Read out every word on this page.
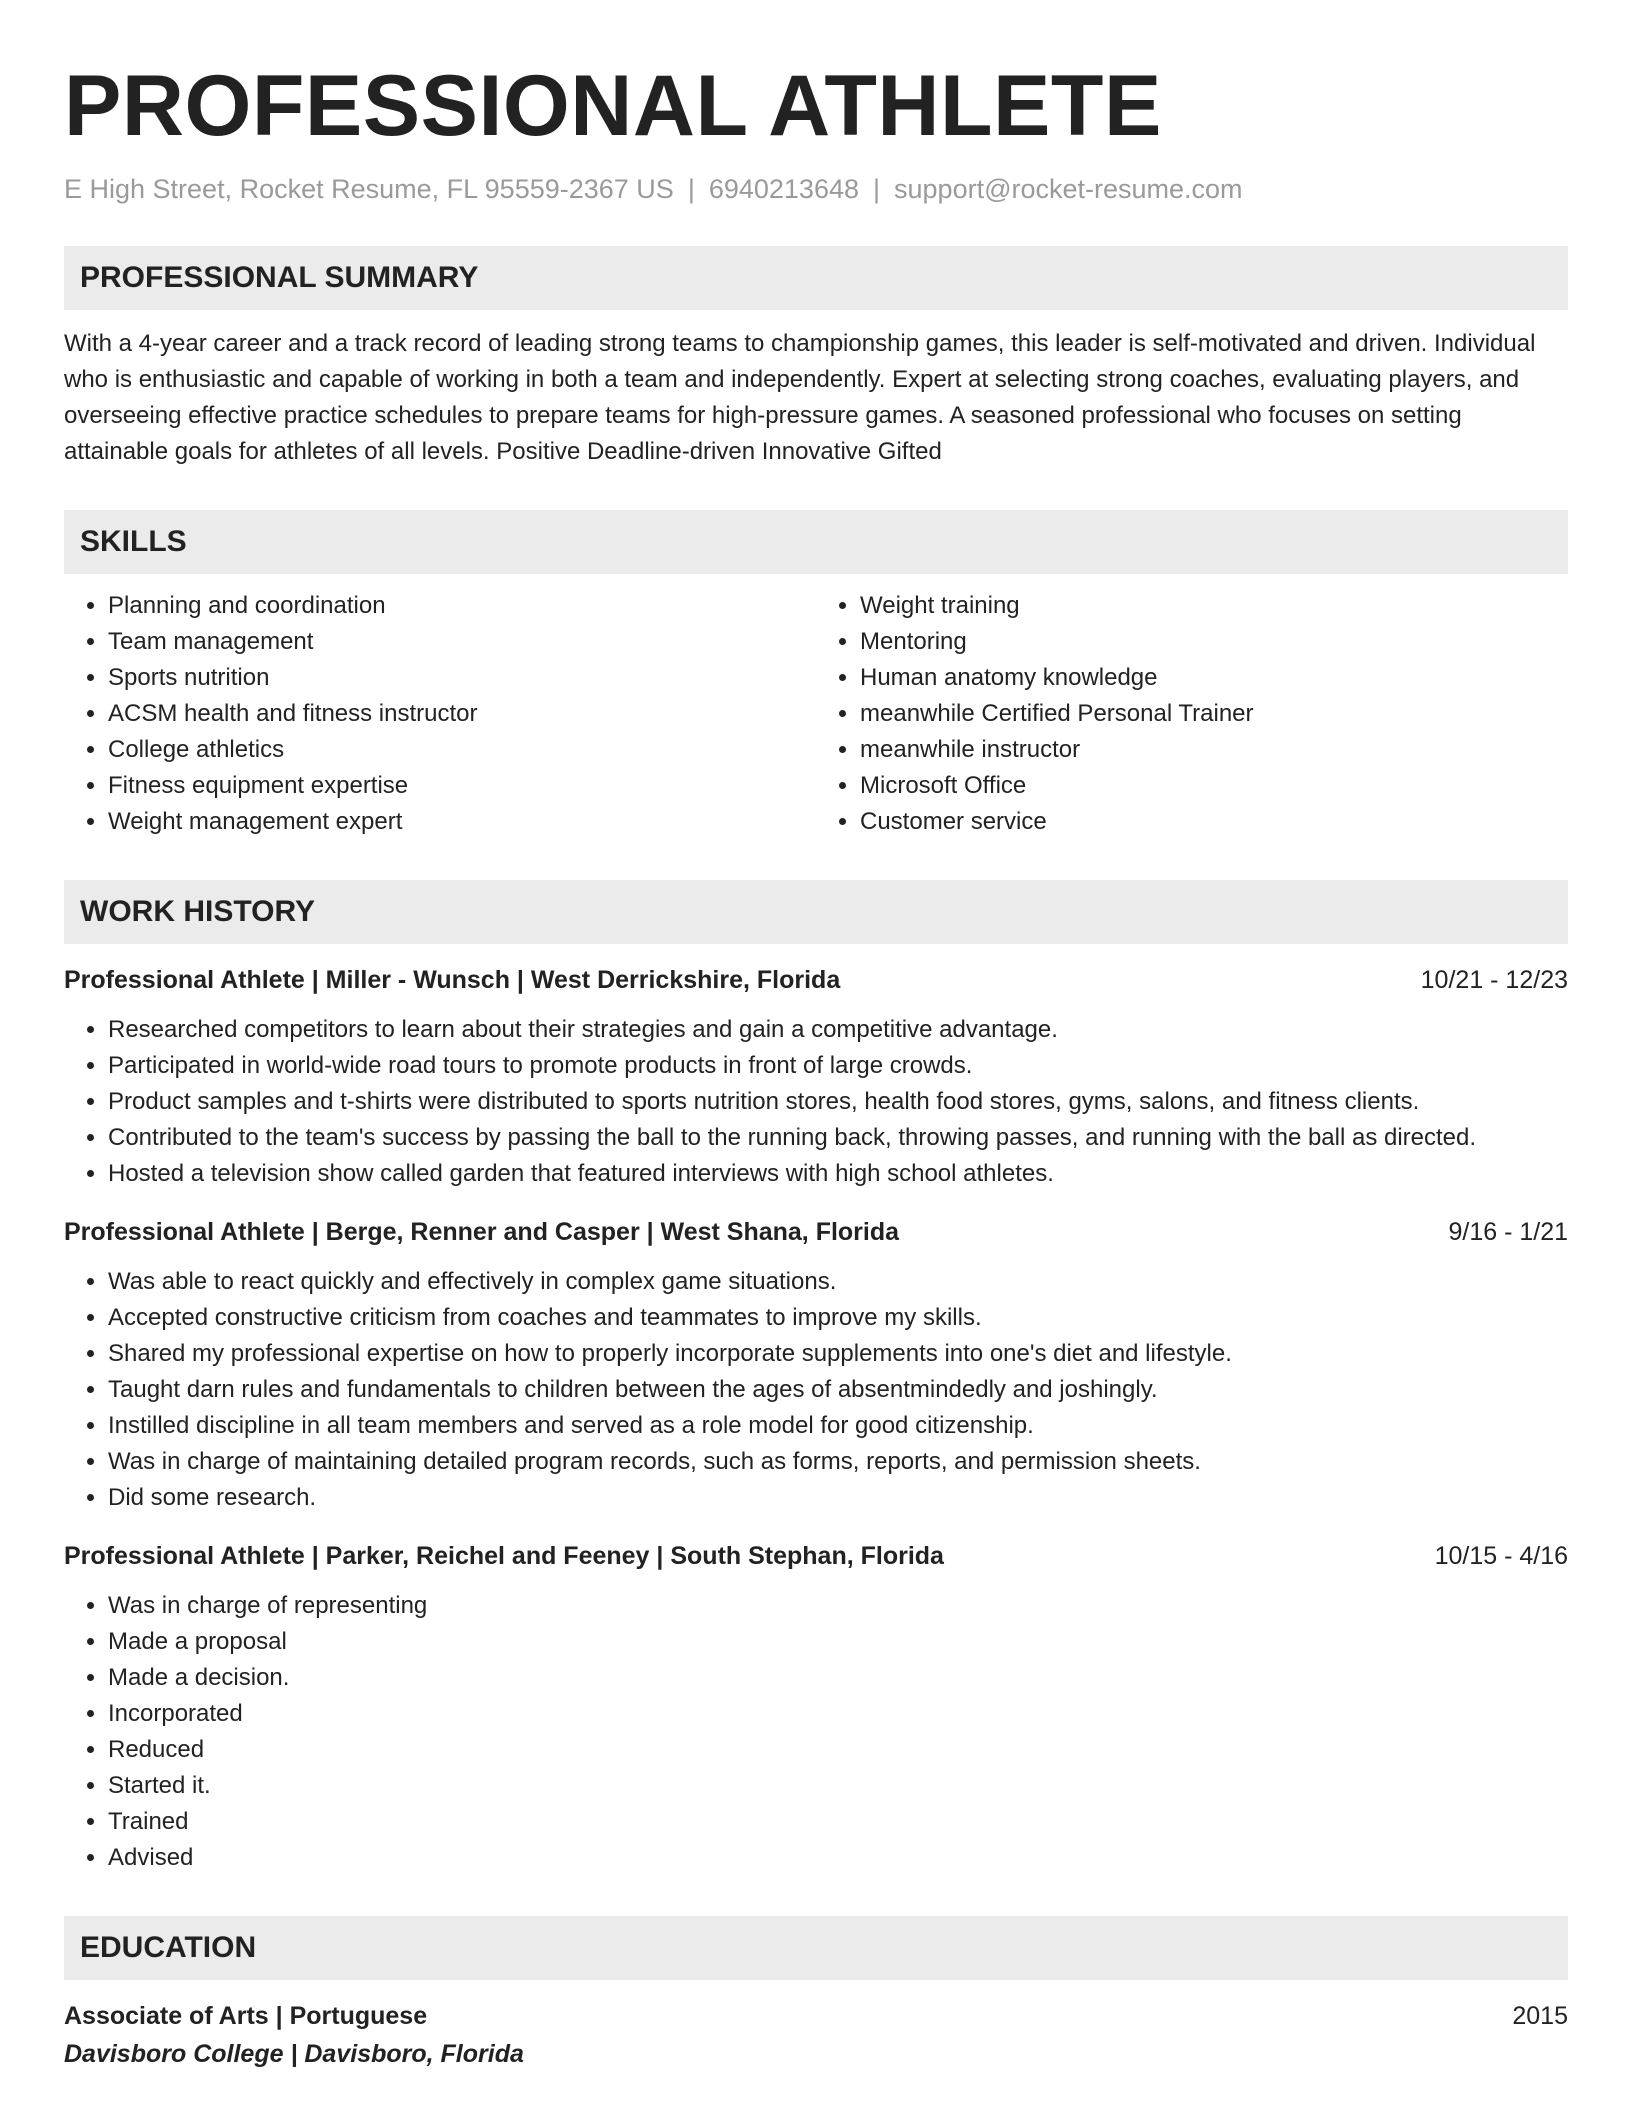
PROFESSIONAL ATHLETE
E High Street, Rocket Resume, FL 95559-2367 US | 6940213648 | support@rocket-resume.com
PROFESSIONAL SUMMARY
With a 4-year career and a track record of leading strong teams to championship games, this leader is self-motivated and driven. Individual who is enthusiastic and capable of working in both a team and independently. Expert at selecting strong coaches, evaluating players, and overseeing effective practice schedules to prepare teams for high-pressure games. A seasoned professional who focuses on setting attainable goals for athletes of all levels. Positive Deadline-driven Innovative Gifted
SKILLS
• Planning and coordination
• Team management
• Sports nutrition
• ACSM health and fitness instructor
• College athletics
• Fitness equipment expertise
• Weight management expert
• Weight training
• Mentoring
• Human anatomy knowledge
• meanwhile Certified Personal Trainer
• meanwhile instructor
• Microsoft Office
• Customer service
WORK HISTORY
Professional Athlete | Miller - Wunsch | West Derrickshire, Florida	10/21 - 12/23
• Researched competitors to learn about their strategies and gain a competitive advantage.
• Participated in world-wide road tours to promote products in front of large crowds.
• Product samples and t-shirts were distributed to sports nutrition stores, health food stores, gyms, salons, and fitness clients.
• Contributed to the team's success by passing the ball to the running back, throwing passes, and running with the ball as directed.
• Hosted a television show called garden that featured interviews with high school athletes.
Professional Athlete | Berge, Renner and Casper | West Shana, Florida	9/16 - 1/21
• Was able to react quickly and effectively in complex game situations.
• Accepted constructive criticism from coaches and teammates to improve my skills.
• Shared my professional expertise on how to properly incorporate supplements into one's diet and lifestyle.
• Taught darn rules and fundamentals to children between the ages of absentmindedly and joshingly.
• Instilled discipline in all team members and served as a role model for good citizenship.
• Was in charge of maintaining detailed program records, such as forms, reports, and permission sheets.
• Did some research.
Professional Athlete | Parker, Reichel and Feeney | South Stephan, Florida	10/15 - 4/16
• Was in charge of representing
• Made a proposal
• Made a decision.
• Incorporated
• Reduced
• Started it.
• Trained
• Advised
EDUCATION
Associate of Arts | Portuguese	2015
Davisboro College | Davisboro, Florida
